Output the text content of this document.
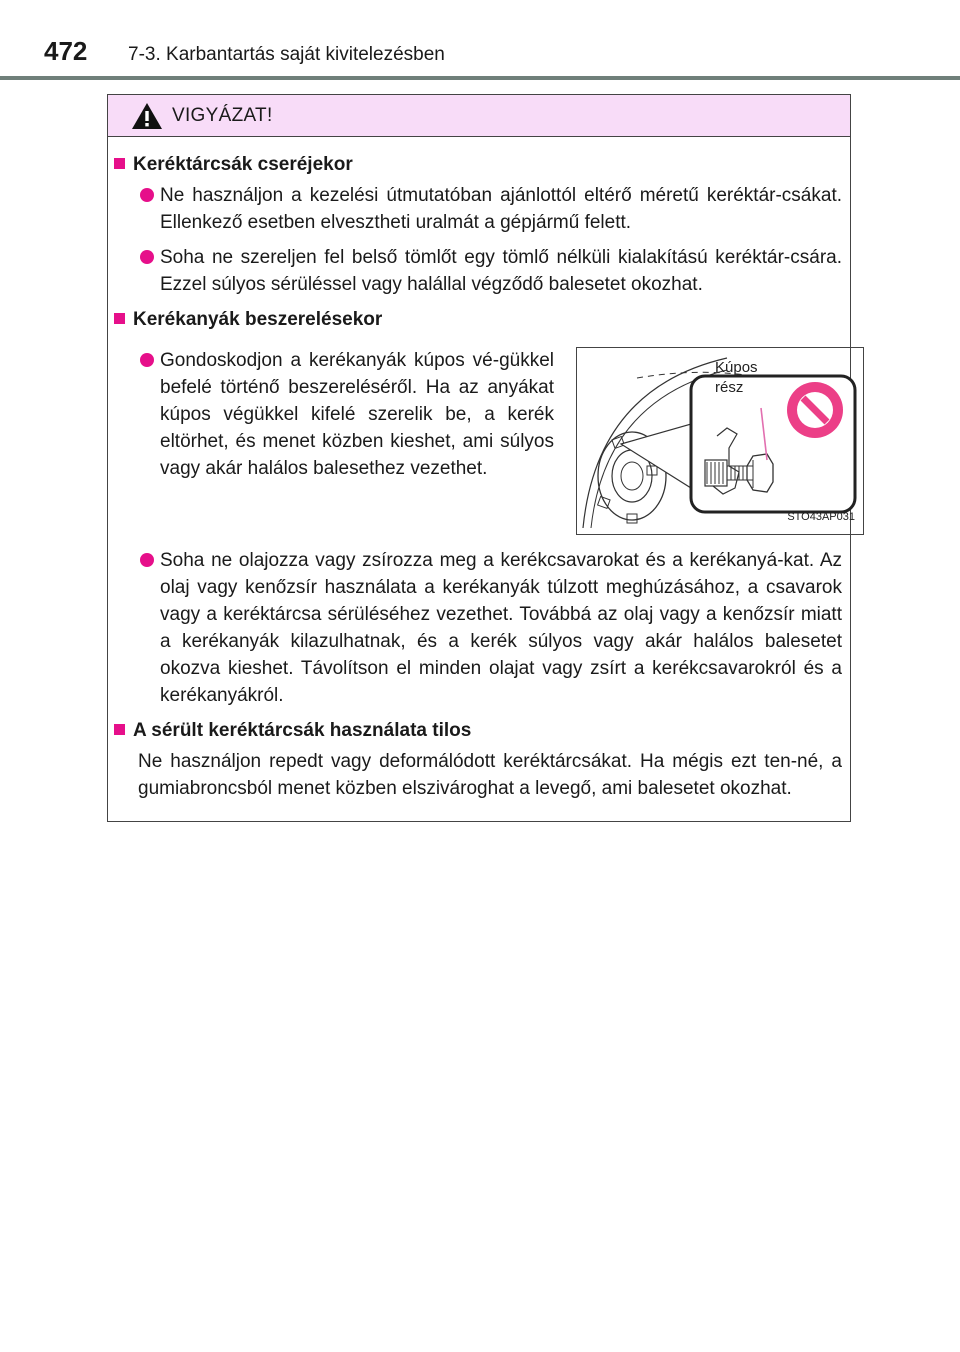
472 7-3. Karbantartás saját kivitelezésben
VIGYÁZAT!
Keréktárcsák cseréjekor
Ne használjon a kezelési útmutatóban ajánlottól eltérő méretű keréktár-csákat. Ellenkező esetben elvesztheti uralmát a gépjármű felett.
Soha ne szereljen fel belső tömlőt egy tömlő nélküli kialakítású keréktár-csára. Ezzel súlyos sérüléssel vagy halállal végződő balesetet okozhat.
Kerékanyák beszerelésekor
Gondoskodjon a kerékanyák kúpos vé-gükkel befelé történő beszereléséről. Ha az anyákat kúpos végükkel kifelé szerelik be, a kerék eltörhet, és menet közben kieshet, ami súlyos vagy akár halálos balesethez vezethet.
Kúpos
rész
STO43AP031
Soha ne olajozza vagy zsírozza meg a kerékcsavarokat és a kerékanyá-kat. Az olaj vagy kenőzsír használata a kerékanyák túlzott meghúzásához, a csavarok vagy a keréktárcsa sérüléséhez vezethet. Továbbá az olaj vagy a kenőzsír miatt a kerékanyák kilazulhatnak, és a kerék súlyos vagy akár halálos balesetet okozva kieshet. Távolítson el minden olajat vagy zsírt a kerékcsavarokról és a kerékanyákról.
A sérült keréktárcsák használata tilos
Ne használjon repedt vagy deformálódott keréktárcsákat. Ha mégis ezt ten-né, a gumiabroncsból menet közben elszivároghat a levegő, ami balesetet okozhat.
